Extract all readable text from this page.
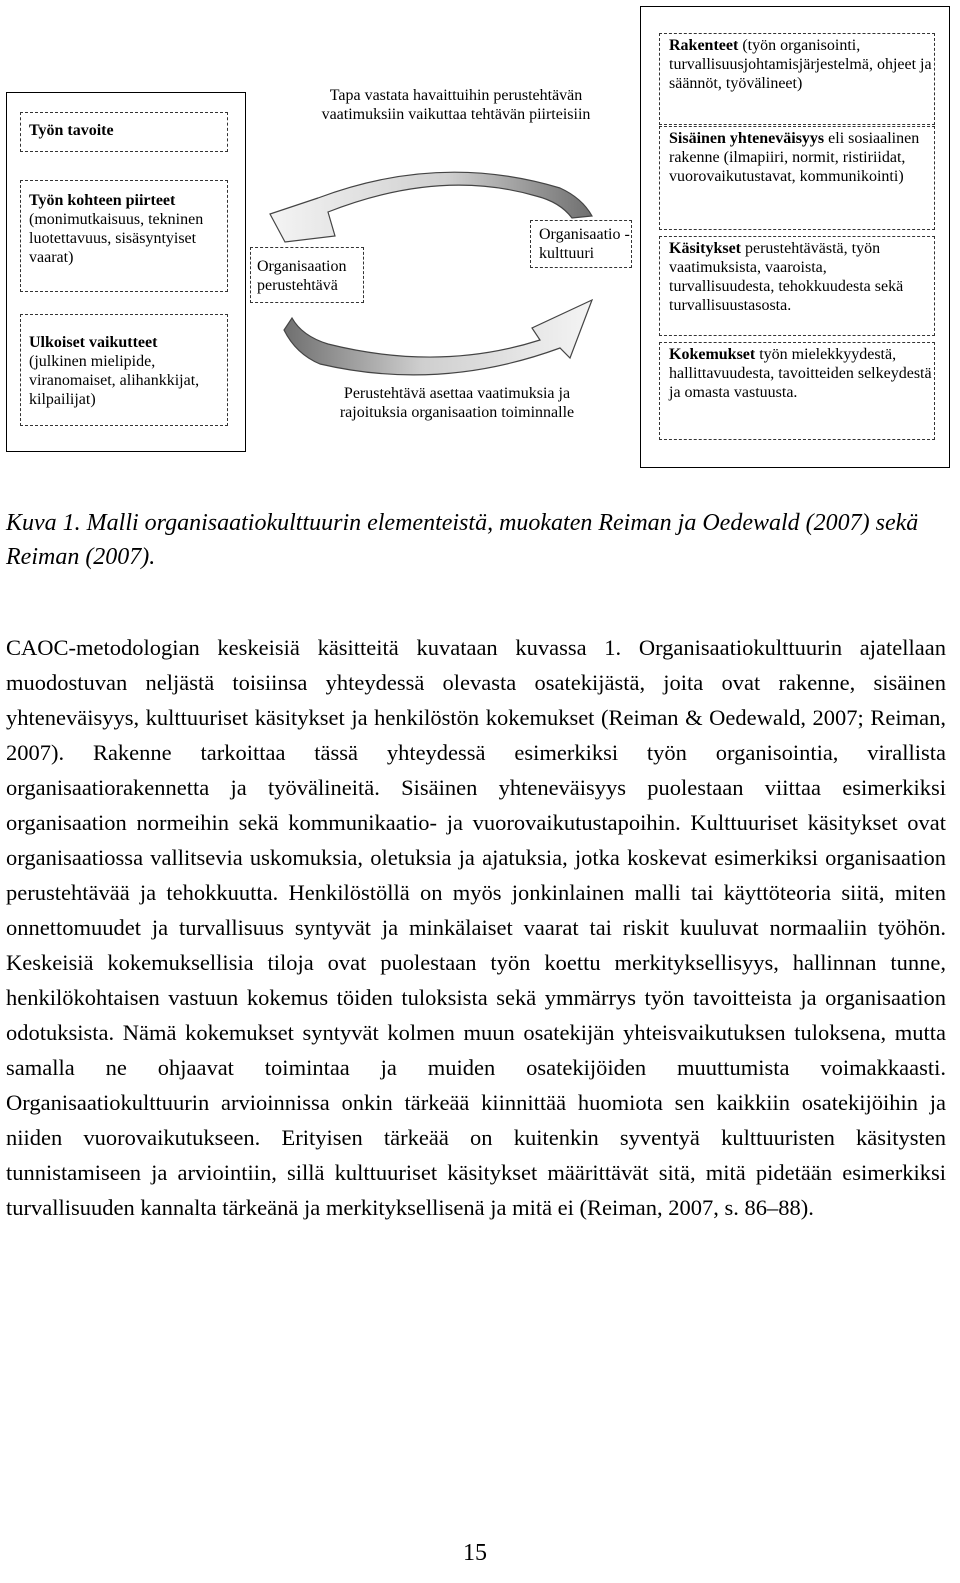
Työn tavoite
Työn kohteen piirteet
(monimutkaisuus, tekninen luotettavuus, sisäsyntyiset vaarat)
Ulkoiset vaikutteet
(julkinen mielipide, viranomaiset, alihankkijat, kilpailijat)
Organisaation perustehtävä
Organisaatio -kulttuuri
Tapa vastata havaittuihin perustehtävän vaatimuksiin vaikuttaa tehtävän piirteisiin
Perustehtävä asettaa vaatimuksia ja rajoituksia organisaation toiminnalle
Rakenteet (työn organisointi, turvallisuusjohtamisjärjestelmä, ohjeet ja säännöt, työvälineet)
Sisäinen yhteneväisyys eli sosiaalinen rakenne (ilmapiiri, normit, ristiriidat, vuorovaikutustavat, kommunikointi)
Käsitykset perustehtävästä, työn vaatimuksista, vaaroista, turvallisuudesta, tehokkuudesta sekä turvallisuustasosta.
Kokemukset työn mielekkyydestä, hallittavuudesta, tavoitteiden selkeydestä ja omasta vastuusta.
Kuva 1. Malli organisaatiokulttuurin elementeistä, muokaten Reiman ja Oedewald (2007) sekä Reiman (2007).

CAOC-metodologian keskeisiä käsitteitä kuvataan kuvassa 1. Organisaatiokulttuurin ajatellaan muodostuvan neljästä toisiinsa yhteydessä olevasta osatekijästä, joita ovat rakenne, sisäinen yhteneväisyys, kulttuuriset käsitykset ja henkilöstön kokemukset (Reiman & Oedewald, 2007; Reiman, 2007). Rakenne tarkoittaa tässä yhteydessä esimerkiksi työn organisointia, virallista organisaatiorakennetta ja työvälineitä. Sisäinen yhteneväisyys puolestaan viittaa esimerkiksi organisaation normeihin sekä kommunikaatio- ja vuorovaikutustapoihin. Kulttuuriset käsitykset ovat organisaatiossa vallitsevia uskomuksia, oletuksia ja ajatuksia, jotka koskevat esimerkiksi organisaation perustehtävää ja tehokkuutta. Henkilöstöllä on myös jonkinlainen malli tai käyttöteoria siitä, miten onnettomuudet ja turvallisuus syntyvät ja minkälaiset vaarat tai riskit kuuluvat normaaliin työhön. Keskeisiä kokemuksellisia tiloja ovat puolestaan työn koettu merkityksellisyys, hallinnan tunne, henkilökohtaisen vastuun kokemus töiden tuloksista sekä ymmärrys työn tavoitteista ja organisaation odotuksista. Nämä kokemukset syntyvät kolmen muun osatekijän yhteisvaikutuksen tuloksena, mutta samalla ne ohjaavat toimintaa ja muiden osatekijöiden muuttumista voimakkaasti. Organisaatiokulttuurin arvioinnissa onkin tärkeää kiinnittää huomiota sen kaikkiin osatekijöihin ja niiden vuorovaikutukseen. Erityisen tärkeää on kuitenkin syventyä kulttuuristen käsitysten tunnistamiseen ja arviointiin, sillä kulttuuriset käsitykset määrittävät sitä, mitä pidetään esimerkiksi turvallisuuden kannalta tärkeänä ja merkityksellisenä ja mitä ei (Reiman, 2007, s. 86–88).

15
